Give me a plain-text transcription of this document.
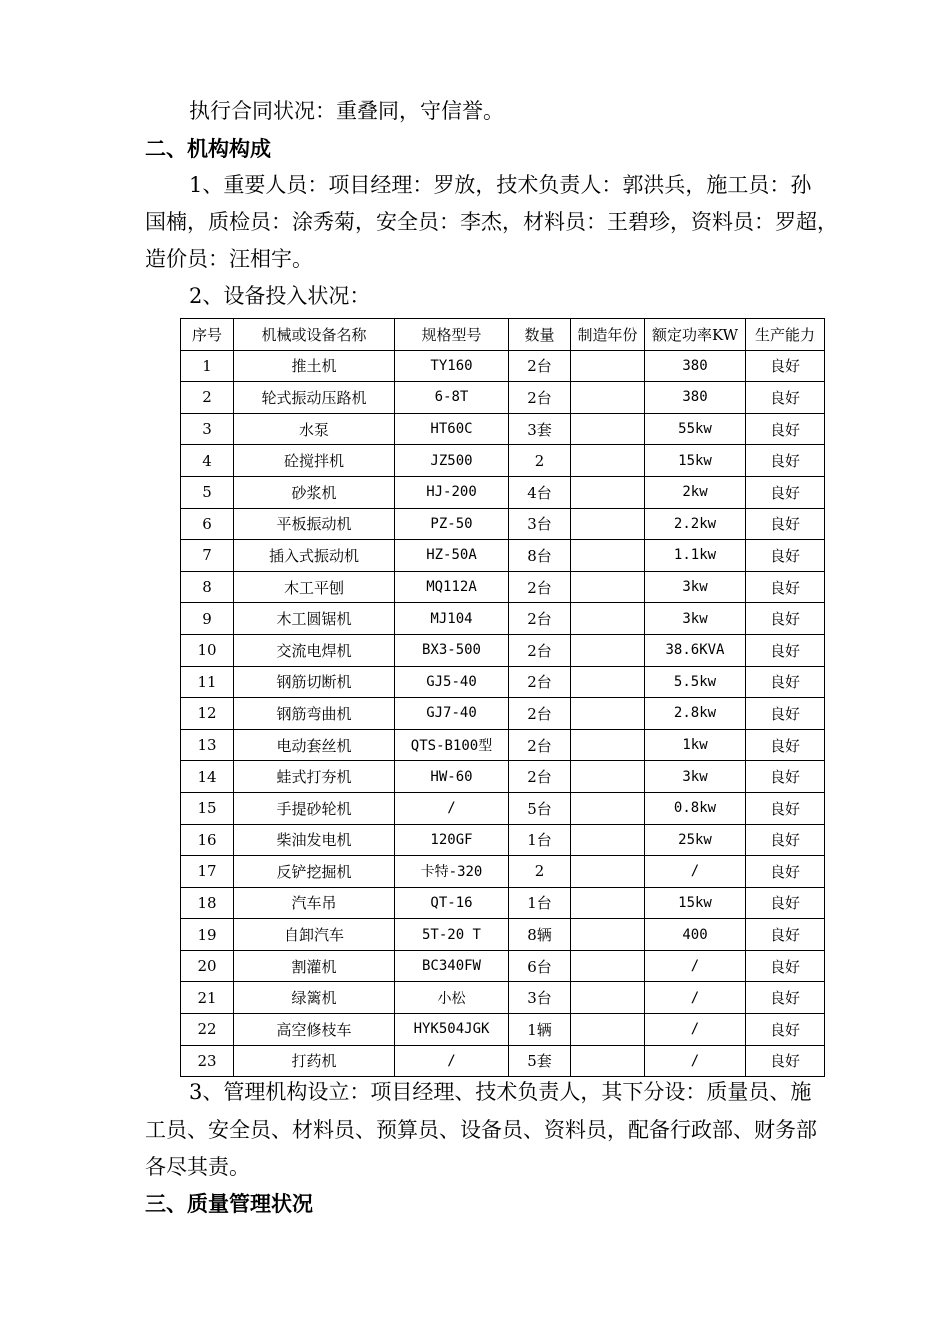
执行合同状况：重叠同，守信誉。
二、机构构成
1、重要人员：项目经理：罗放，技术负责人：郭洪兵，施工员：孙
国楠，质检员：涂秀菊，安全员：李杰，材料员：王碧珍，资料员：罗超，
造价员：汪相宇。
2、设备投入状况：
序号	机械或设备名称	规格型号	数量	制造年份	额定功率KW	生产能力
1	推土机	TY160	2台		380	良好
2	轮式振动压路机	6-8T	2台		380	良好
3	水泵	HT60C	3套		55kw	良好
4	砼搅拌机	JZ500	2		15kw	良好
5	砂浆机	HJ-200	4台		2kw	良好
6	平板振动机	PZ-50	3台		2.2kw	良好
7	插入式振动机	HZ-50A	8台		1.1kw	良好
8	木工平刨	MQ112A	2台		3kw	良好
9	木工圆锯机	MJ104	2台		3kw	良好
10	交流电焊机	BX3-500	2台		38.6KVA	良好
11	钢筋切断机	GJ5-40	2台		5.5kw	良好
12	钢筋弯曲机	GJ7-40	2台		2.8kw	良好
13	电动套丝机	QTS-B100型	2台		1kw	良好
14	蛙式打夯机	HW-60	2台		3kw	良好
15	手提砂轮机	/	5台		0.8kw	良好
16	柴油发电机	120GF	1台		25kw	良好
17	反铲挖掘机	卡特-320	2		/	良好
18	汽车吊	QT-16	1台		15kw	良好
19	自卸汽车	5T-20 T	8辆		400	良好
20	割灌机	BC340FW	6台		/	良好
21	绿篱机	小松	3台		/	良好
22	高空修枝车	HYK504JGK	1辆		/	良好
23	打药机	/	5套		/	良好
3、管理机构设立：项目经理、技术负责人，其下分设：质量员、施
工员、安全员、材料员、预算员、设备员、资料员，配备行政部、财务部
各尽其责。
三、质量管理状况
